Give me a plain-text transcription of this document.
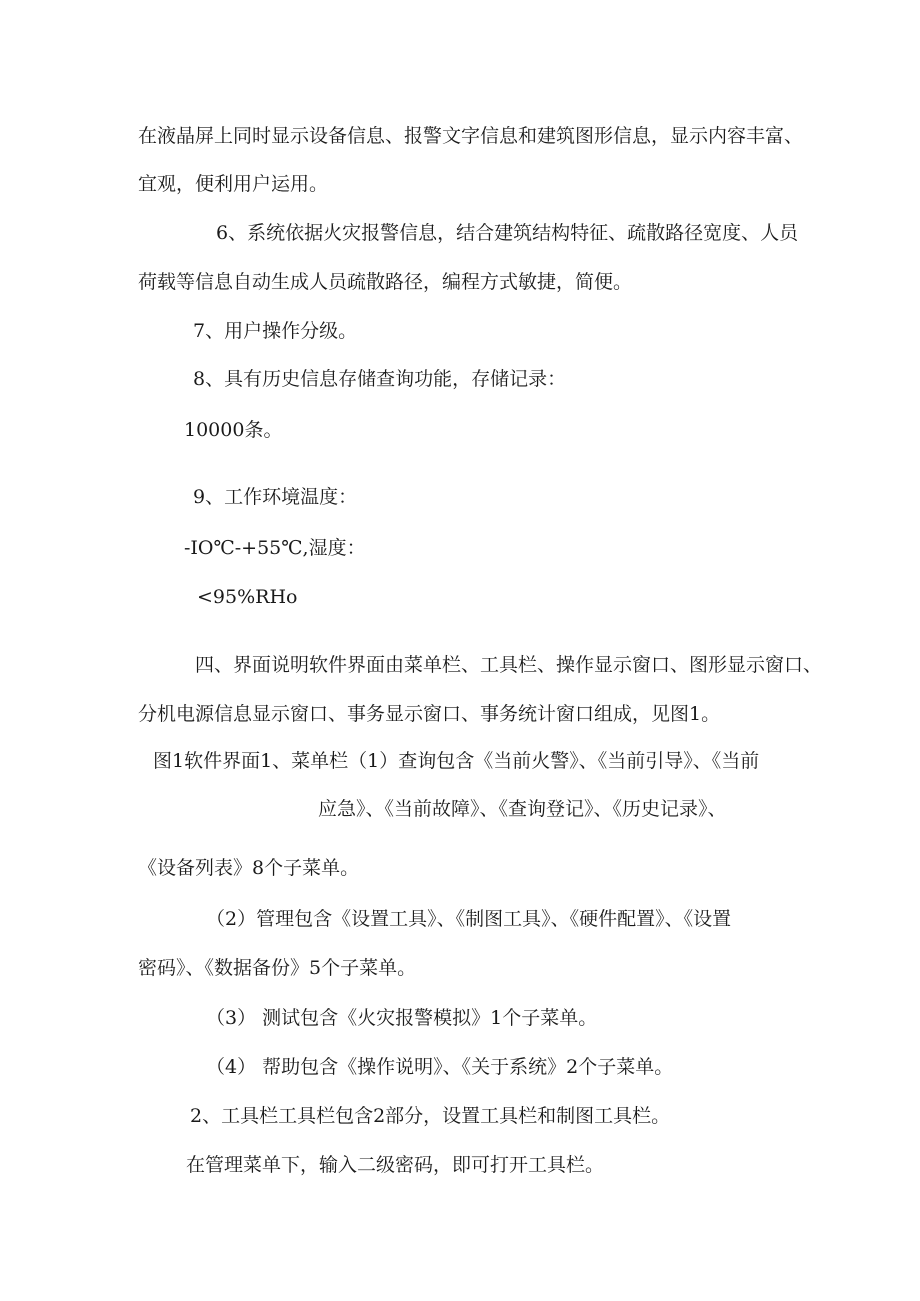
在液晶屏上同时显示设备信息、报警文字信息和建筑图形信息，显示内容丰富、

宜观，便利用户运用。

6、系统依据火灾报警信息，结合建筑结构特征、疏散路径宽度、人员

荷载等信息自动生成人员疏散路径，编程方式敏捷，简便。

7、用户操作分级。

8、具有历史信息存储查询功能，存储记录：

10000条。

9、工作环境温度：

-IO℃-+55℃,湿度：

<95%RHo

四、界面说明软件界面由菜单栏、工具栏、操作显示窗口、图形显示窗口、

分机电源信息显示窗口、事务显示窗口、事务统计窗口组成，见图1。

图1软件界面1、菜单栏（1）查询包含《当前火警》、《当前引导》、《当前

应急》、《当前故障》、《查询登记》、《历史记录》、

《设备列表》8个子菜单。

（2）管理包含《设置工具》、《制图工具》、《硬件配置》、《设置

密码》、《数据备份》5个子菜单。

（3） 测试包含《火灾报警模拟》1个子菜单。

（4） 帮助包含《操作说明》、《关于系统》2个子菜单。

2、工具栏工具栏包含2部分，设置工具栏和制图工具栏。

在管理菜单下，输入二级密码，即可打开工具栏。
